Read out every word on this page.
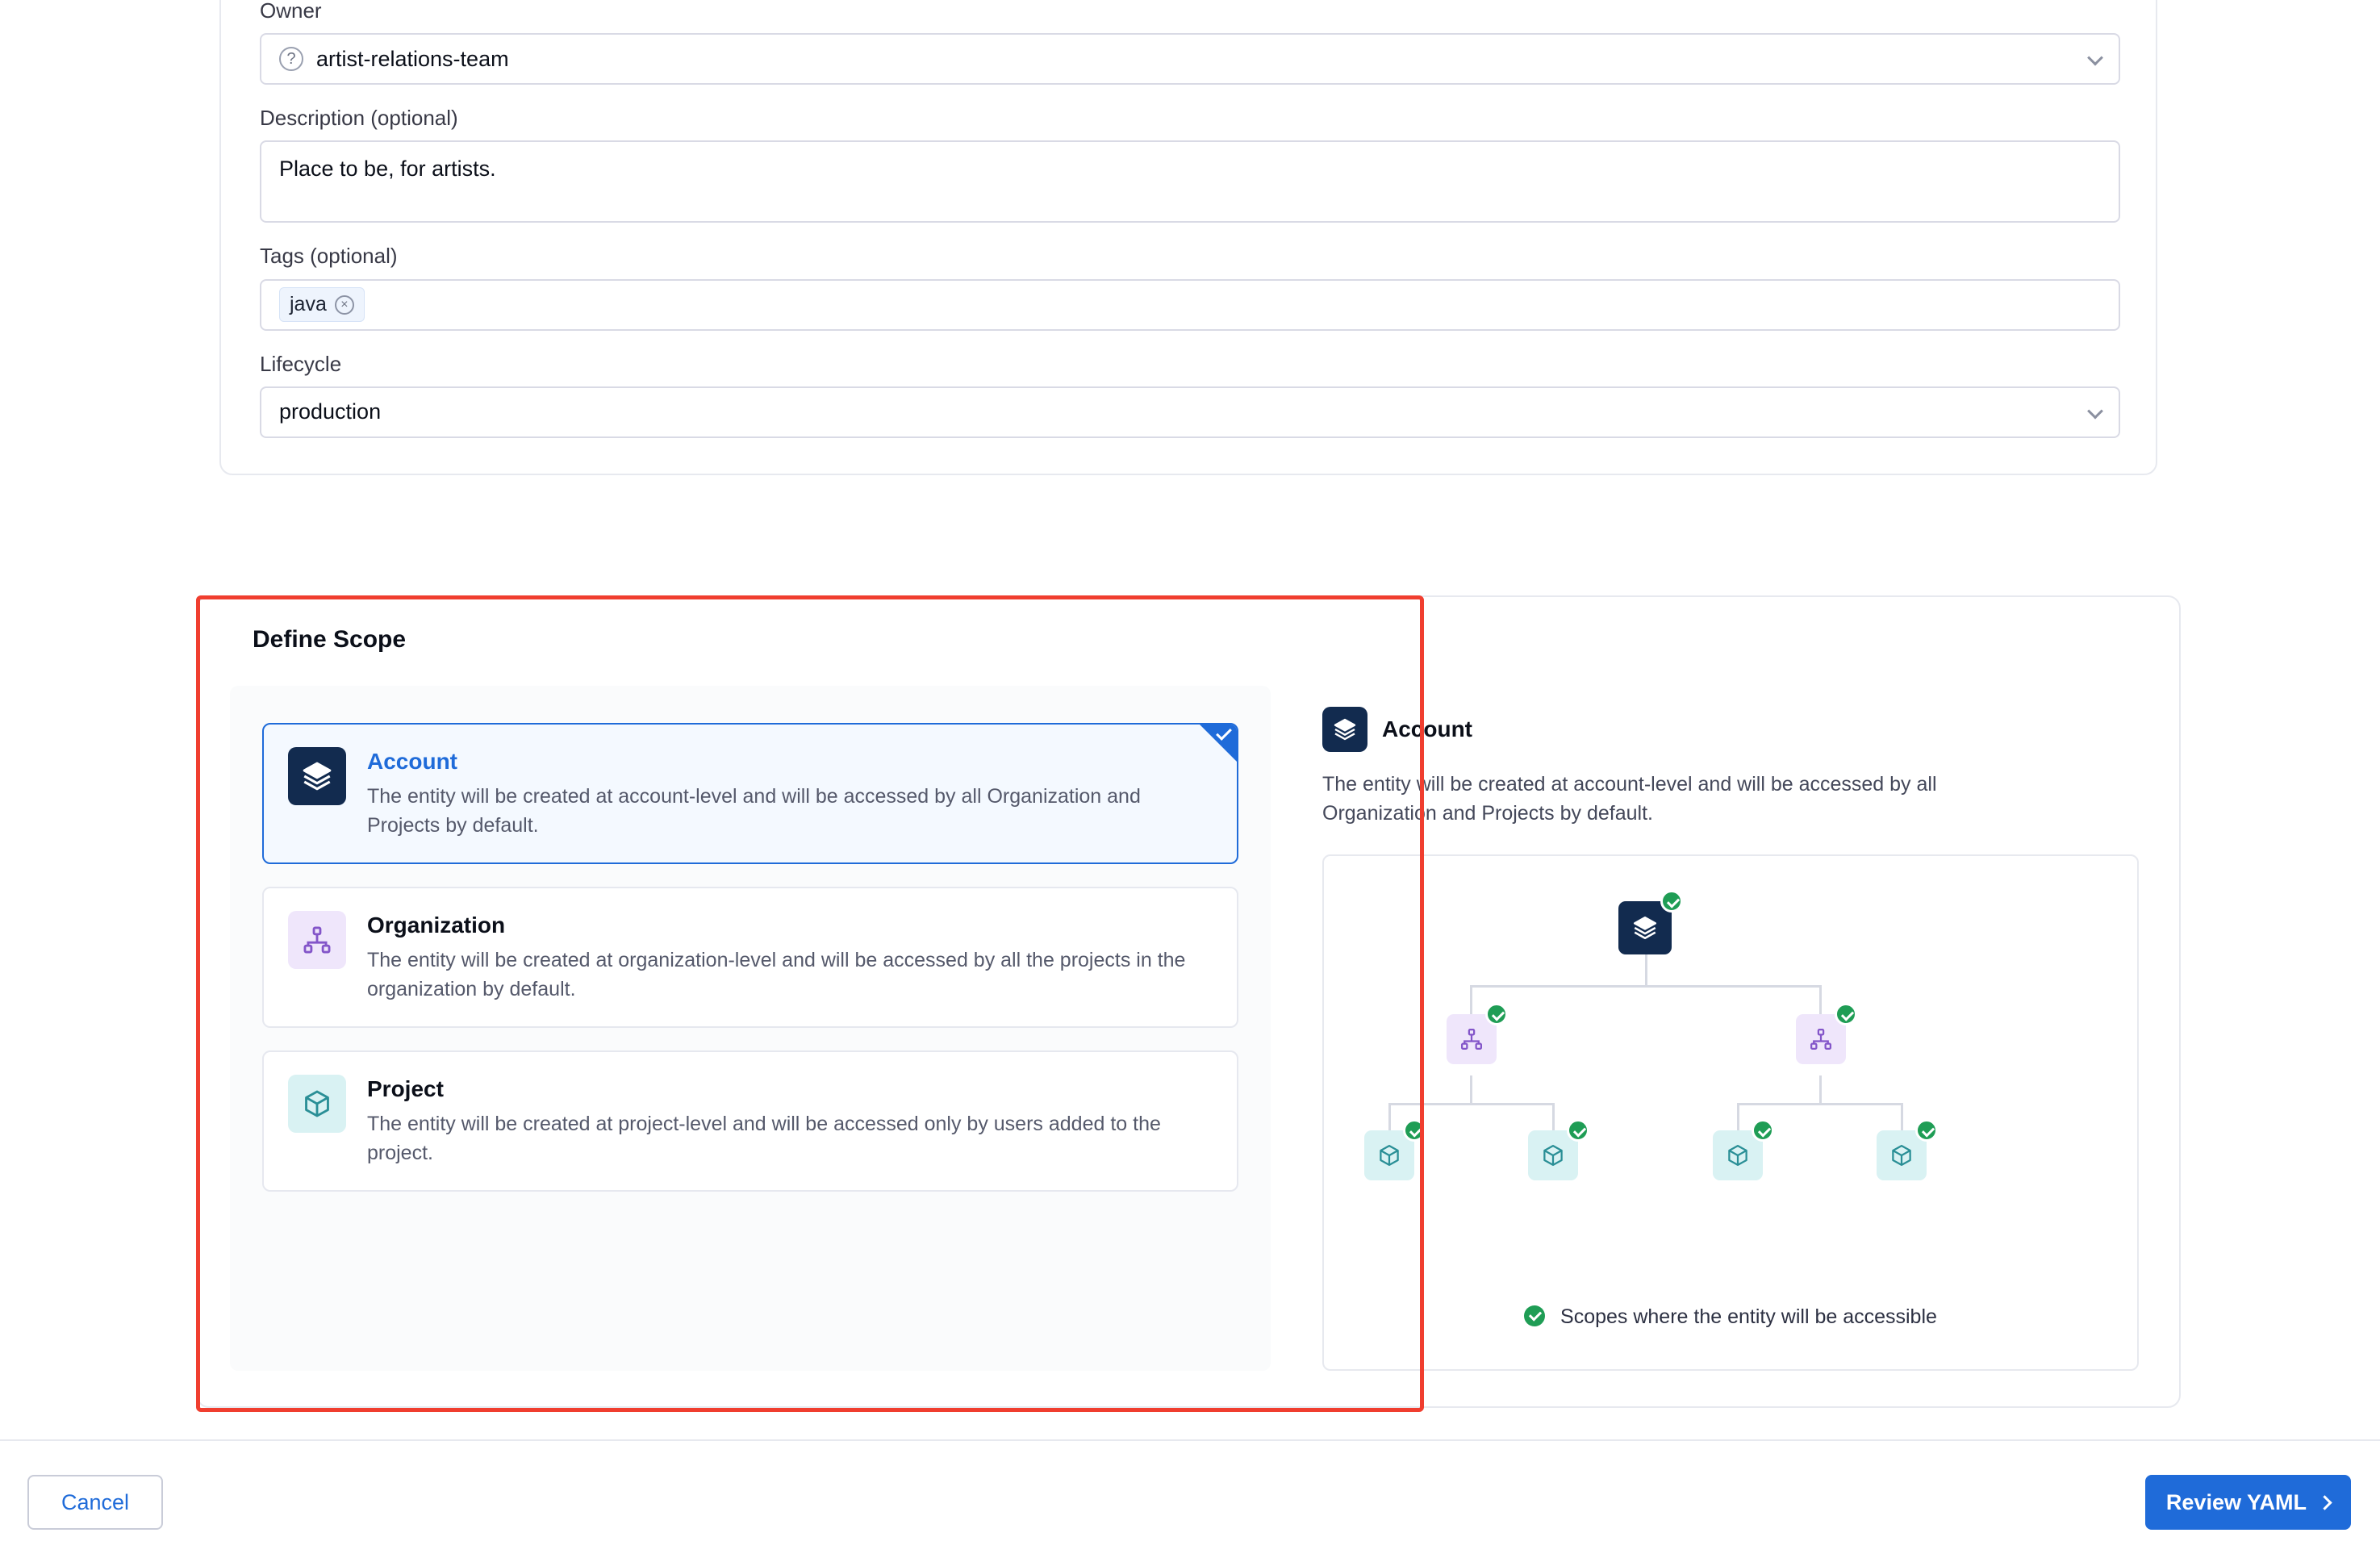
Owner
? artist-relations-team
Description (optional)
Place to be, for artists.
Tags (optional)
java	×
Lifecycle
production
Define Scope
Account
The entity will be created at account-level and will be accessed by all Organization and Projects by default.
Organization
The entity will be created at organization-level and will be accessed by all the projects in the organization by default.
Project
The entity will be created at project-level and will be accessed only by users added to the project.
Account
The entity will be created at account-level and will be accessed by all Organization and Projects by default.
Scopes where the entity will be accessible
Cancel	Review YAML
